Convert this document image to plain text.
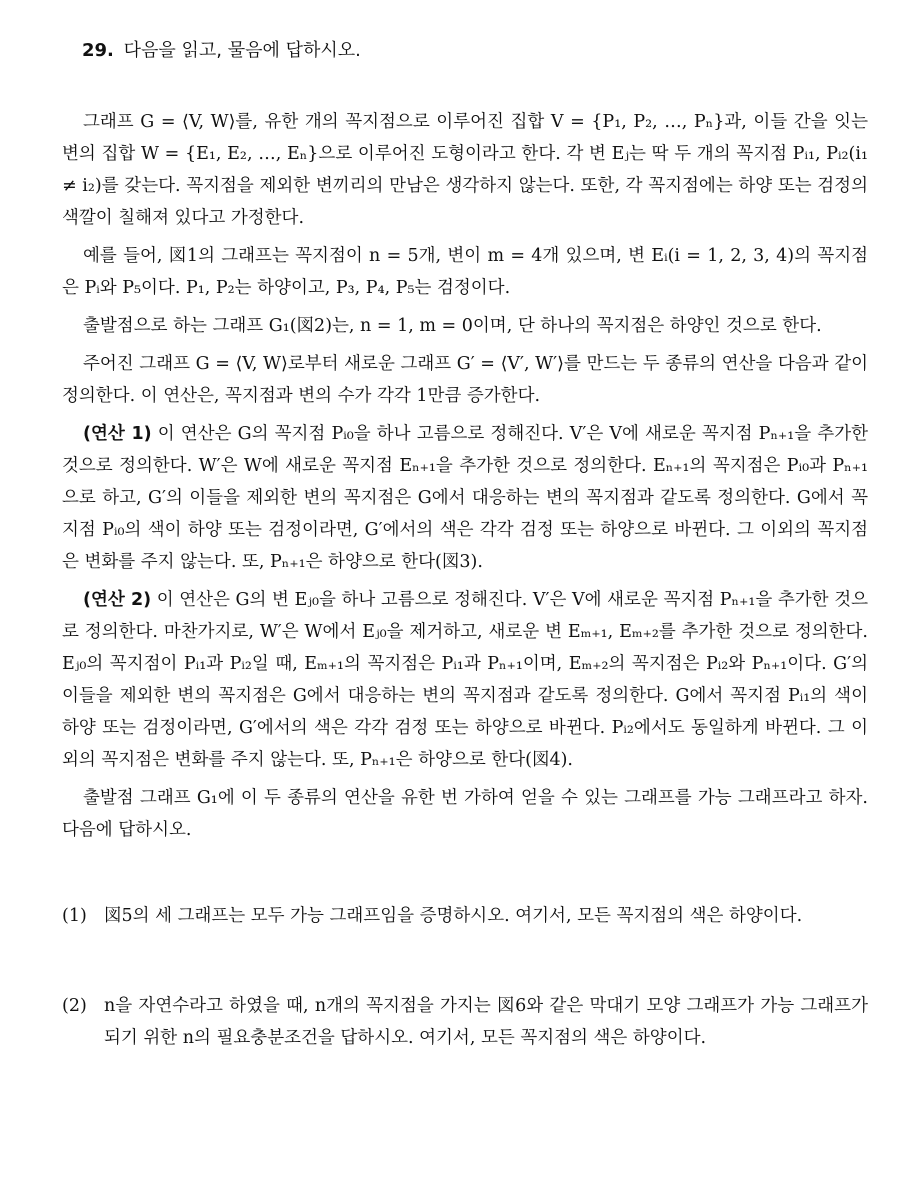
29. 다음을 읽고, 물음에 답하시오.

그래프 G = ⟨V, W⟩를, 유한 개의 꼭지점으로 이루어진 집합 V = {P₁, P₂, …, Pₙ}과, 이들 간을 잇는 변의 집합 W = {E₁, E₂, …, Eₙ}으로 이루어진 도형이라고 한다. 각 변 Eⱼ는 딱 두 개의 꼭지점 Pᵢ₁, Pᵢ₂(i₁ ≠ i₂)를 갖는다. 꼭지점을 제외한 변끼리의 만남은 생각하지 않는다. 또한, 각 꼭지점에는 하양 또는 검정의 색깔이 칠해져 있다고 가정한다.

예를 들어, 図1의 그래프는 꼭지점이 n = 5개, 변이 m = 4개 있으며, 변 Eᵢ(i = 1, 2, 3, 4)의 꼭지점은 Pᵢ와 P₅이다. P₁, P₂는 하양이고, P₃, P₄, P₅는 검정이다.

출발점으로 하는 그래프 G₁(図2)는, n = 1, m = 0이며, 단 하나의 꼭지점은 하양인 것으로 한다.

주어진 그래프 G = ⟨V, W⟩로부터 새로운 그래프 G′ = ⟨V′, W′⟩를 만드는 두 종류의 연산을 다음과 같이 정의한다. 이 연산은, 꼭지점과 변의 수가 각각 1만큼 증가한다.

(연산 1) 이 연산은 G의 꼭지점 Pᵢ₀을 하나 고름으로 정해진다. V′은 V에 새로운 꼭지점 Pₙ₊₁을 추가한 것으로 정의한다. W′은 W에 새로운 꼭지점 Eₙ₊₁을 추가한 것으로 정의한다. Eₙ₊₁의 꼭지점은 Pᵢ₀과 Pₙ₊₁으로 하고, G′의 이들을 제외한 변의 꼭지점은 G에서 대응하는 변의 꼭지점과 같도록 정의한다. G에서 꼭지점 Pᵢ₀의 색이 하양 또는 검정이라면, G′에서의 색은 각각 검정 또는 하양으로 바뀐다. 그 이외의 꼭지점은 변화를 주지 않는다. 또, Pₙ₊₁은 하양으로 한다(図3).

(연산 2) 이 연산은 G의 변 Eⱼ₀을 하나 고름으로 정해진다. V′은 V에 새로운 꼭지점 Pₙ₊₁을 추가한 것으로 정의한다. 마찬가지로, W′은 W에서 Eⱼ₀을 제거하고, 새로운 변 Eₘ₊₁, Eₘ₊₂를 추가한 것으로 정의한다. Eⱼ₀의 꼭지점이 Pᵢ₁과 Pᵢ₂일 때, Eₘ₊₁의 꼭지점은 Pᵢ₁과 Pₙ₊₁이며, Eₘ₊₂의 꼭지점은 Pᵢ₂와 Pₙ₊₁이다. G′의 이들을 제외한 변의 꼭지점은 G에서 대응하는 변의 꼭지점과 같도록 정의한다. G에서 꼭지점 Pᵢ₁의 색이 하양 또는 검정이라면, G′에서의 색은 각각 검정 또는 하양으로 바뀐다. Pᵢ₂에서도 동일하게 바뀐다. 그 이외의 꼭지점은 변화를 주지 않는다. 또, Pₙ₊₁은 하양으로 한다(図4).

출발점 그래프 G₁에 이 두 종류의 연산을 유한 번 가하여 얻을 수 있는 그래프를 가능 그래프라고 하자. 다음에 답하시오.

(1) 図5의 세 그래프는 모두 가능 그래프임을 증명하시오. 여기서, 모든 꼭지점의 색은 하양이다.
(2) n을 자연수라고 하였을 때, n개의 꼭지점을 가지는 図6와 같은 막대기 모양 그래프가 가능 그래프가 되기 위한 n의 필요충분조건을 답하시오. 여기서, 모든 꼭지점의 색은 하양이다.
